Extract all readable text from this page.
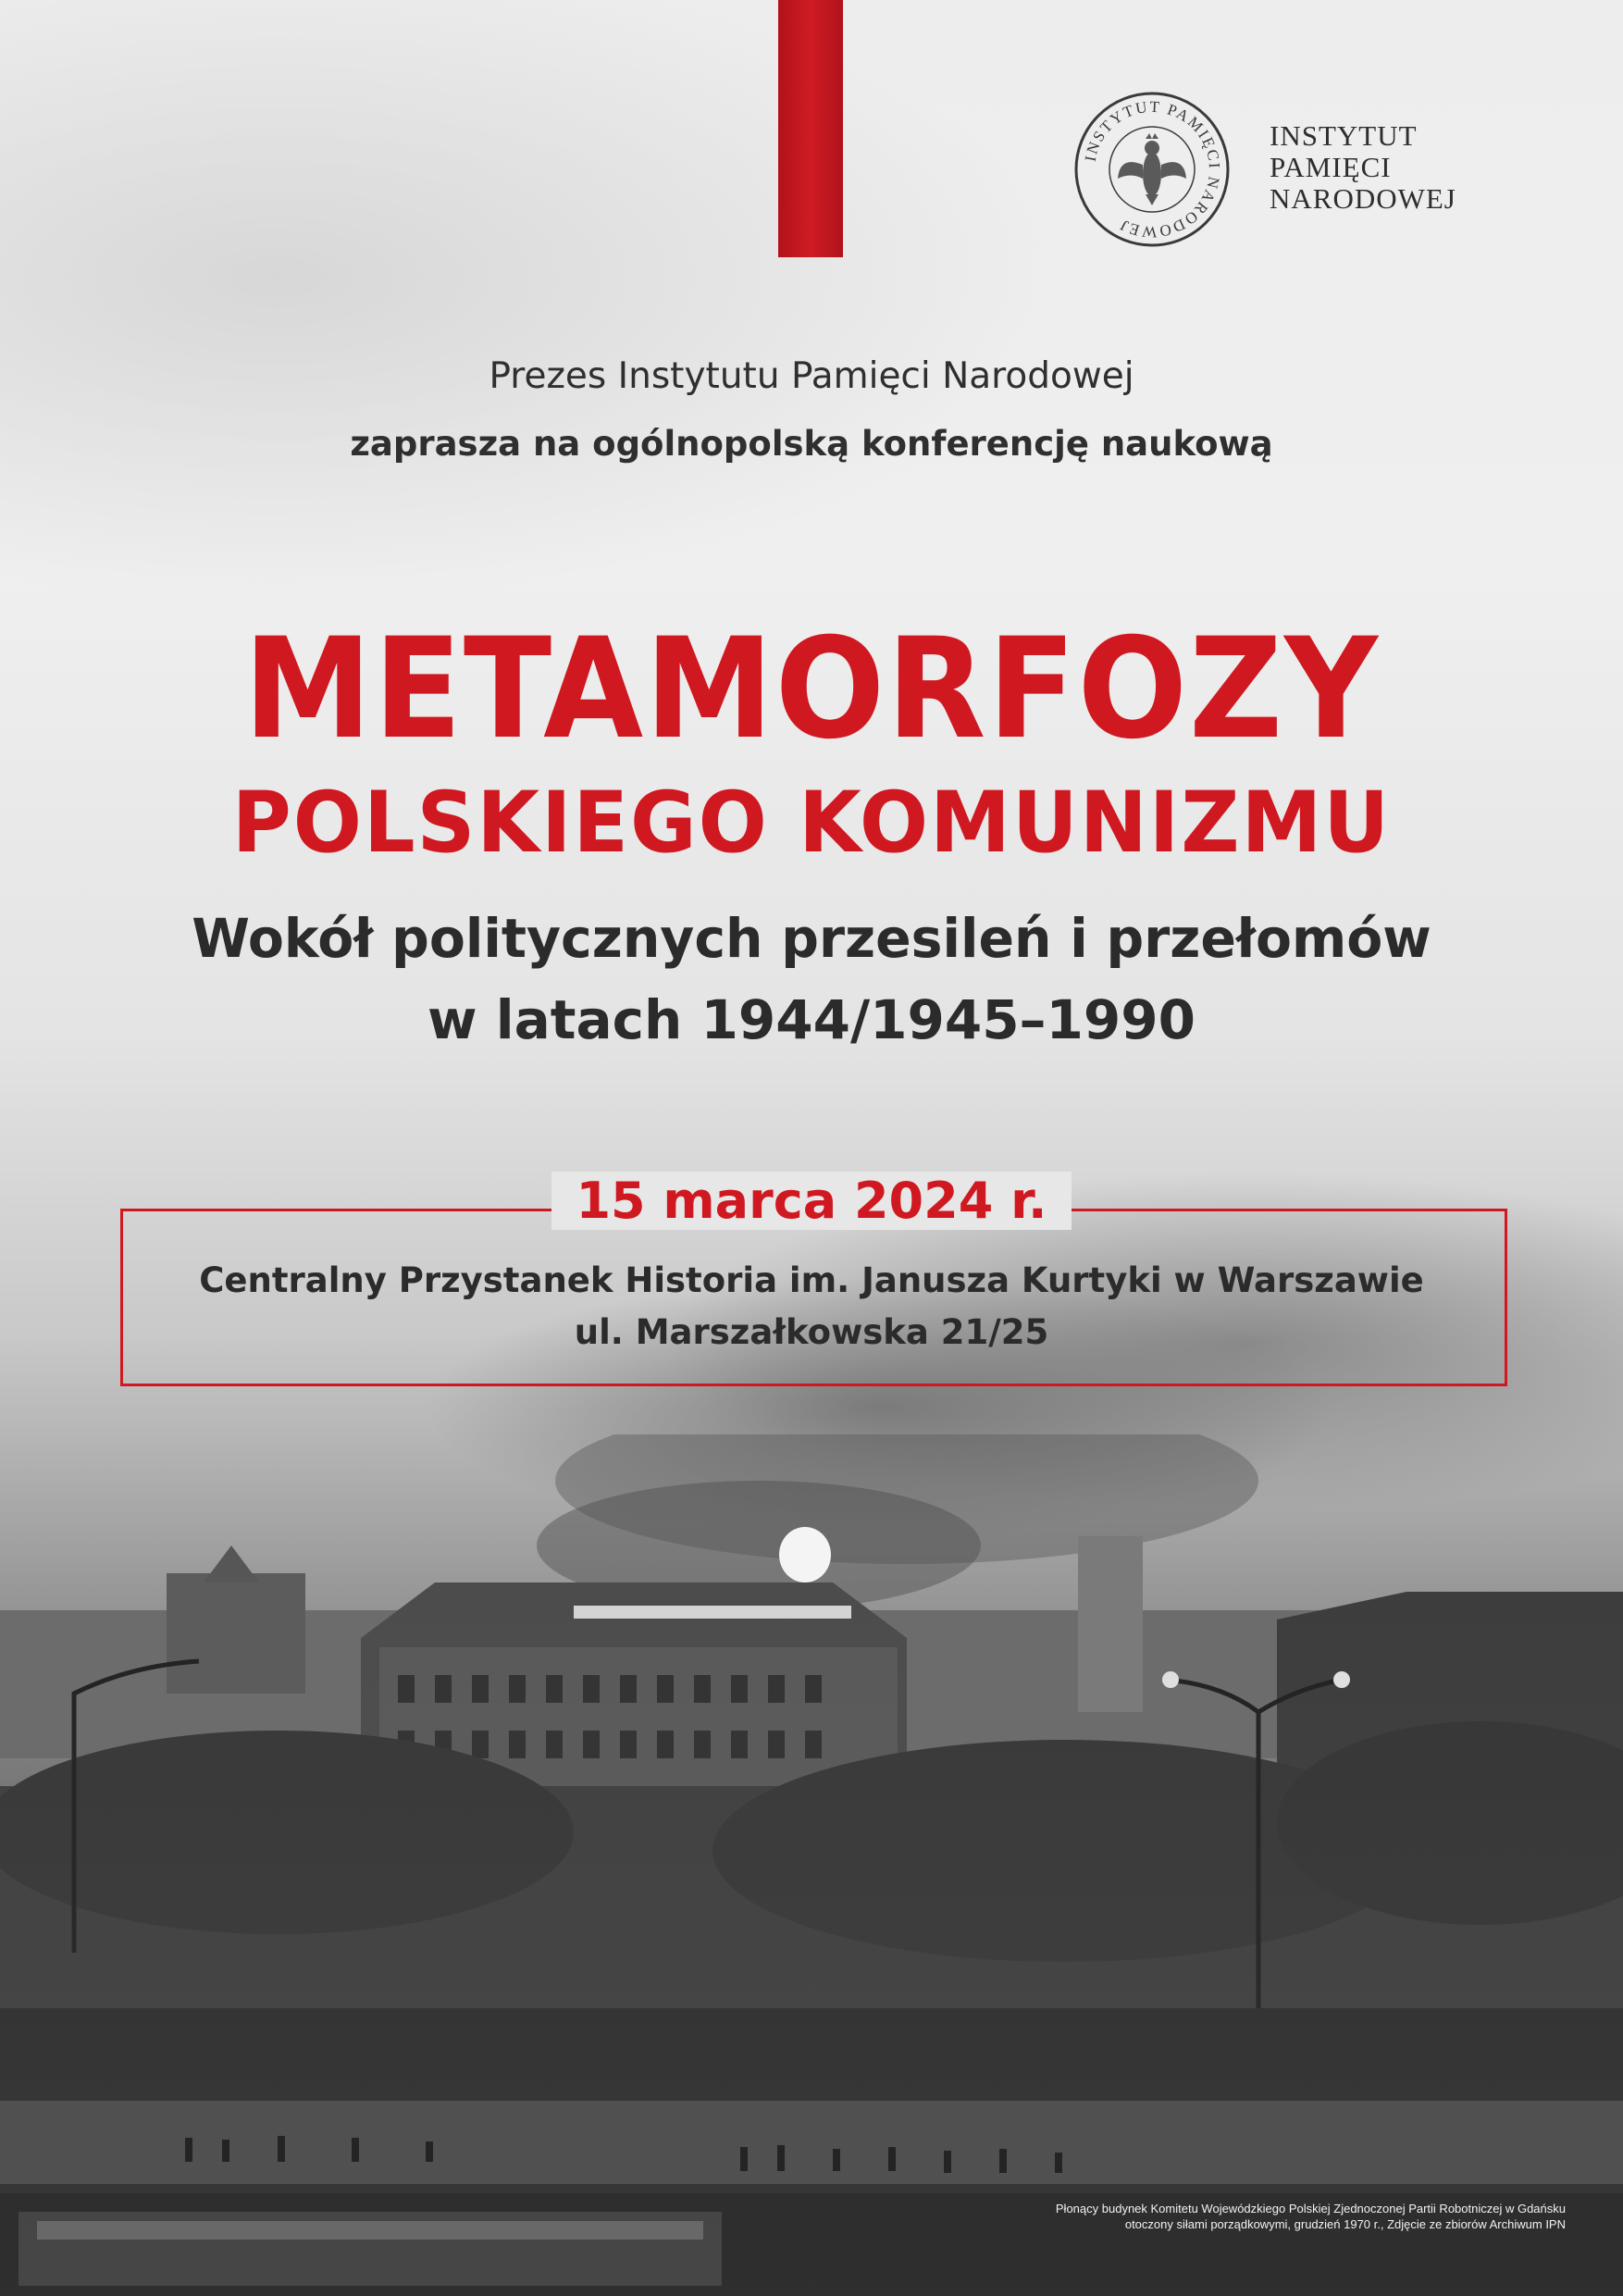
INSTYTUT PAMIĘCI NARODOWEJ
INSTYTUT
PAMIĘCI
NARODOWEJ
Prezes Instytutu Pamięci Narodowej
zaprasza na ogólnopolską konferencję naukową
METAMORFOZY
POLSKIEGO KOMUNIZMU
Wokół politycznych przesileń i przełomów
w latach 1944/1945–1990
15 marca 2024 r.
Centralny Przystanek Historia im. Janusza Kurtyki w Warszawie
ul. Marszałkowska 21/25
Płonący budynek Komitetu Wojewódzkiego Polskiej Zjednoczonej Partii Robotniczej w Gdańsku
otoczony siłami porządkowymi, grudzień 1970 r., Zdjęcie ze zbiorów Archiwum IPN
